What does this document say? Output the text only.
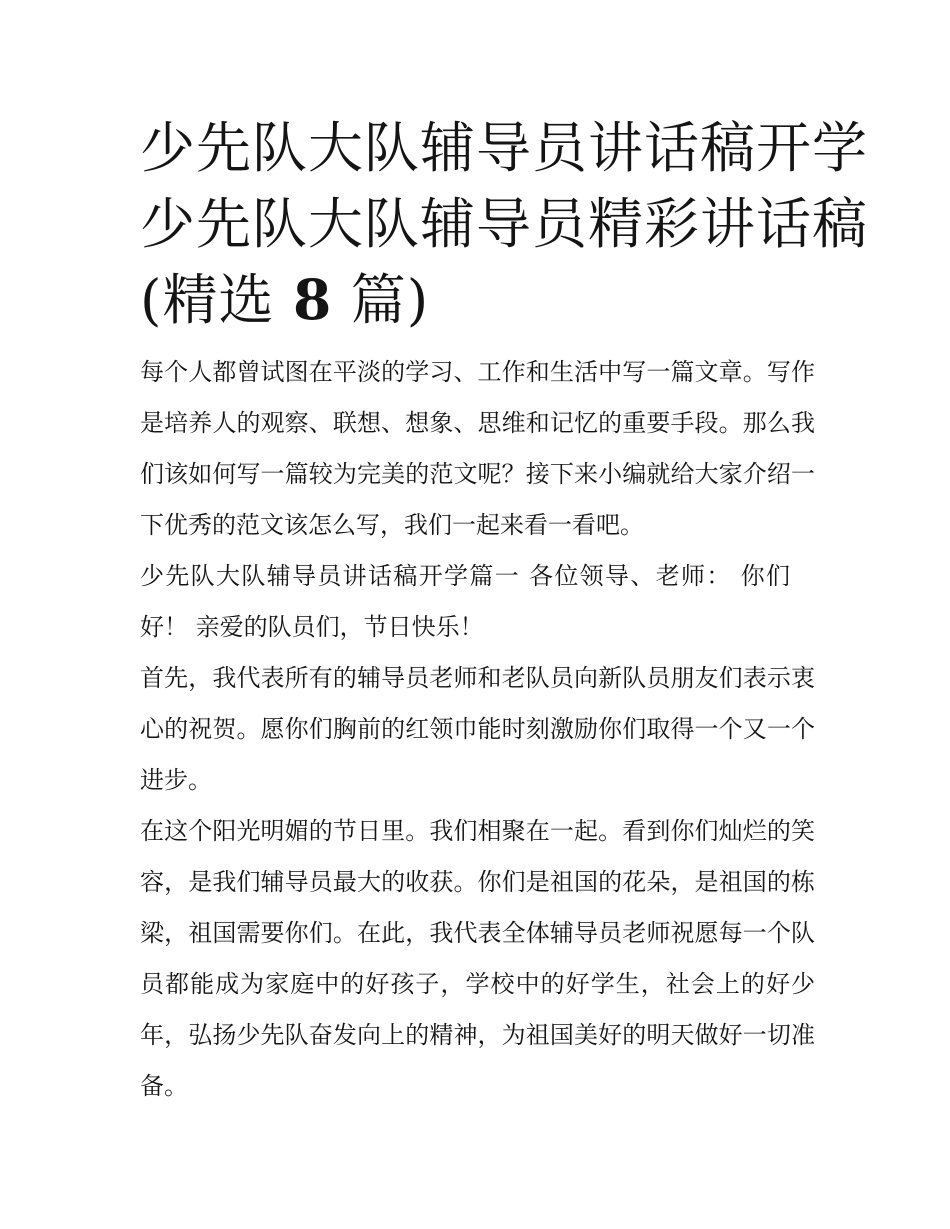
少先队大队辅导员讲话稿开学
少先队大队辅导员精彩讲话稿
(精选 8 篇)

每个人都曾试图在平淡的学习、工作和生活中写一篇文章。写作是培养人的观察、联想、想象、思维和记忆的重要手段。那么我们该如何写一篇较为完美的范文呢？接下来小编就给大家介绍一下优秀的范文该怎么写，我们一起来看一看吧。

少先队大队辅导员讲话稿开学篇一 各位领导、老师： 你们好！ 亲爱的队员们，节日快乐！

首先，我代表所有的辅导员老师和老队员向新队员朋友们表示衷心的祝贺。愿你们胸前的红领巾能时刻激励你们取得一个又一个进步。

在这个阳光明媚的节日里。我们相聚在一起。看到你们灿烂的笑容，是我们辅导员最大的收获。你们是祖国的花朵，是祖国的栋梁，祖国需要你们。在此，我代表全体辅导员老师祝愿每一个队员都能成为家庭中的好孩子，学校中的好学生，社会上的好少年，弘扬少先队奋发向上的精神，为祖国美好的明天做好一切准备。
